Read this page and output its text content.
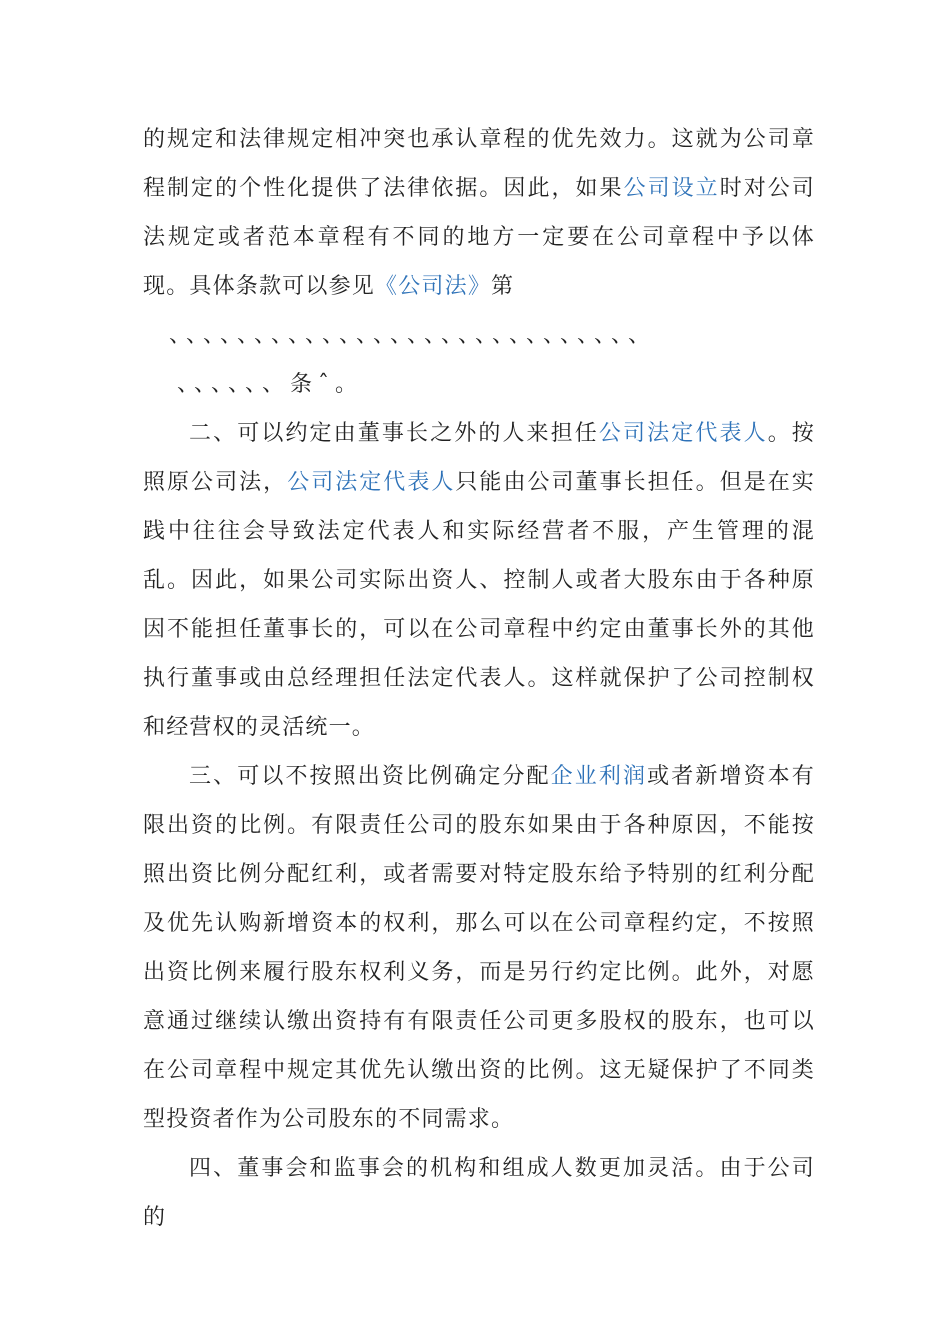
的规定和法律规定相冲突也承认章程的优先效力。这就为公司章程制定的个性化提供了法律依据。因此，如果公司设立时对公司法规定或者范本章程有不同的地方一定要在公司章程中予以体现。具体条款可以参见《公司法》第

、、、、、、、、、、、、、、、、、、、、、、、、、、、、

、、、、、、条ˆ。

二、可以约定由董事长之外的人来担任公司法定代表人。按照原公司法，公司法定代表人只能由公司董事长担任。但是在实践中往往会导致法定代表人和实际经营者不服，产生管理的混乱。因此，如果公司实际出资人、控制人或者大股东由于各种原因不能担任董事长的，可以在公司章程中约定由董事长外的其他执行董事或由总经理担任法定代表人。这样就保护了公司控制权和经营权的灵活统一。

三、可以不按照出资比例确定分配企业利润或者新增资本有限出资的比例。有限责任公司的股东如果由于各种原因，不能按照出资比例分配红利，或者需要对特定股东给予特别的红利分配及优先认购新增资本的权利，那么可以在公司章程约定，不按照出资比例来履行股东权利义务，而是另行约定比例。此外，对愿意通过继续认缴出资持有有限责任公司更多股权的股东，也可以在公司章程中规定其优先认缴出资的比例。这无疑保护了不同类型投资者作为公司股东的不同需求。

四、董事会和监事会的机构和组成人数更加灵活。由于公司的
